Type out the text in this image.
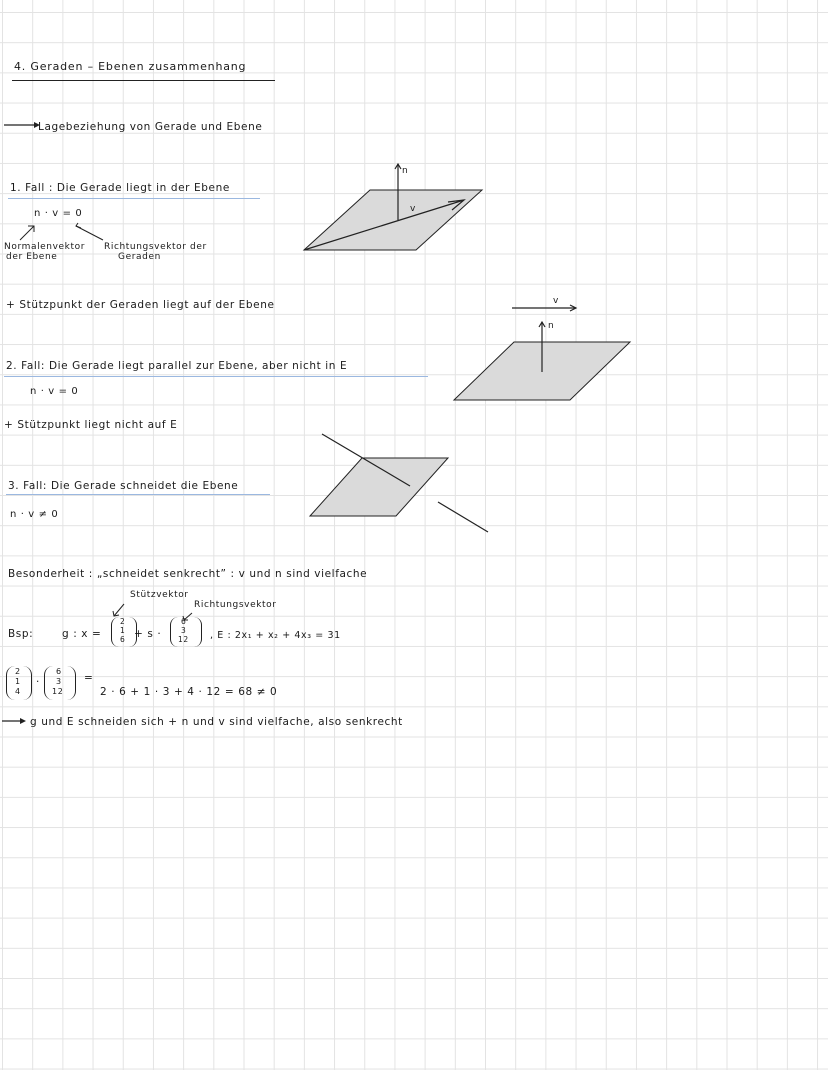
4. Geraden – Ebenen zusammenhang
Lagebeziehung von Gerade und Ebene
1. Fall : Die Gerade liegt in der Ebene
n · v = 0
Normalenvektor
der Ebene
Richtungsvektor der
Geraden
+ Stützpunkt der Geraden liegt auf der Ebene
n
v
v
n
2. Fall: Die Gerade liegt parallel zur Ebene, aber nicht in E
n · v = 0
+ Stützpunkt liegt nicht auf E
3. Fall: Die Gerade schneidet die Ebene
n · v ≠ 0
Besonderheit : „schneidet senkrecht” : v und n sind vielfache
Stützvektor
Richtungsvektor
Bsp:	g : x =
2
1
6 + s ·
6
3
12 , E : 2x₁ + x₂ + 4x₃ = 31
2
1
4
·
6
3
12
=
2 · 6 + 1 · 3 + 4 · 12 = 68 ≠ 0
g und E schneiden sich + n und v sind vielfache, also senkrecht
